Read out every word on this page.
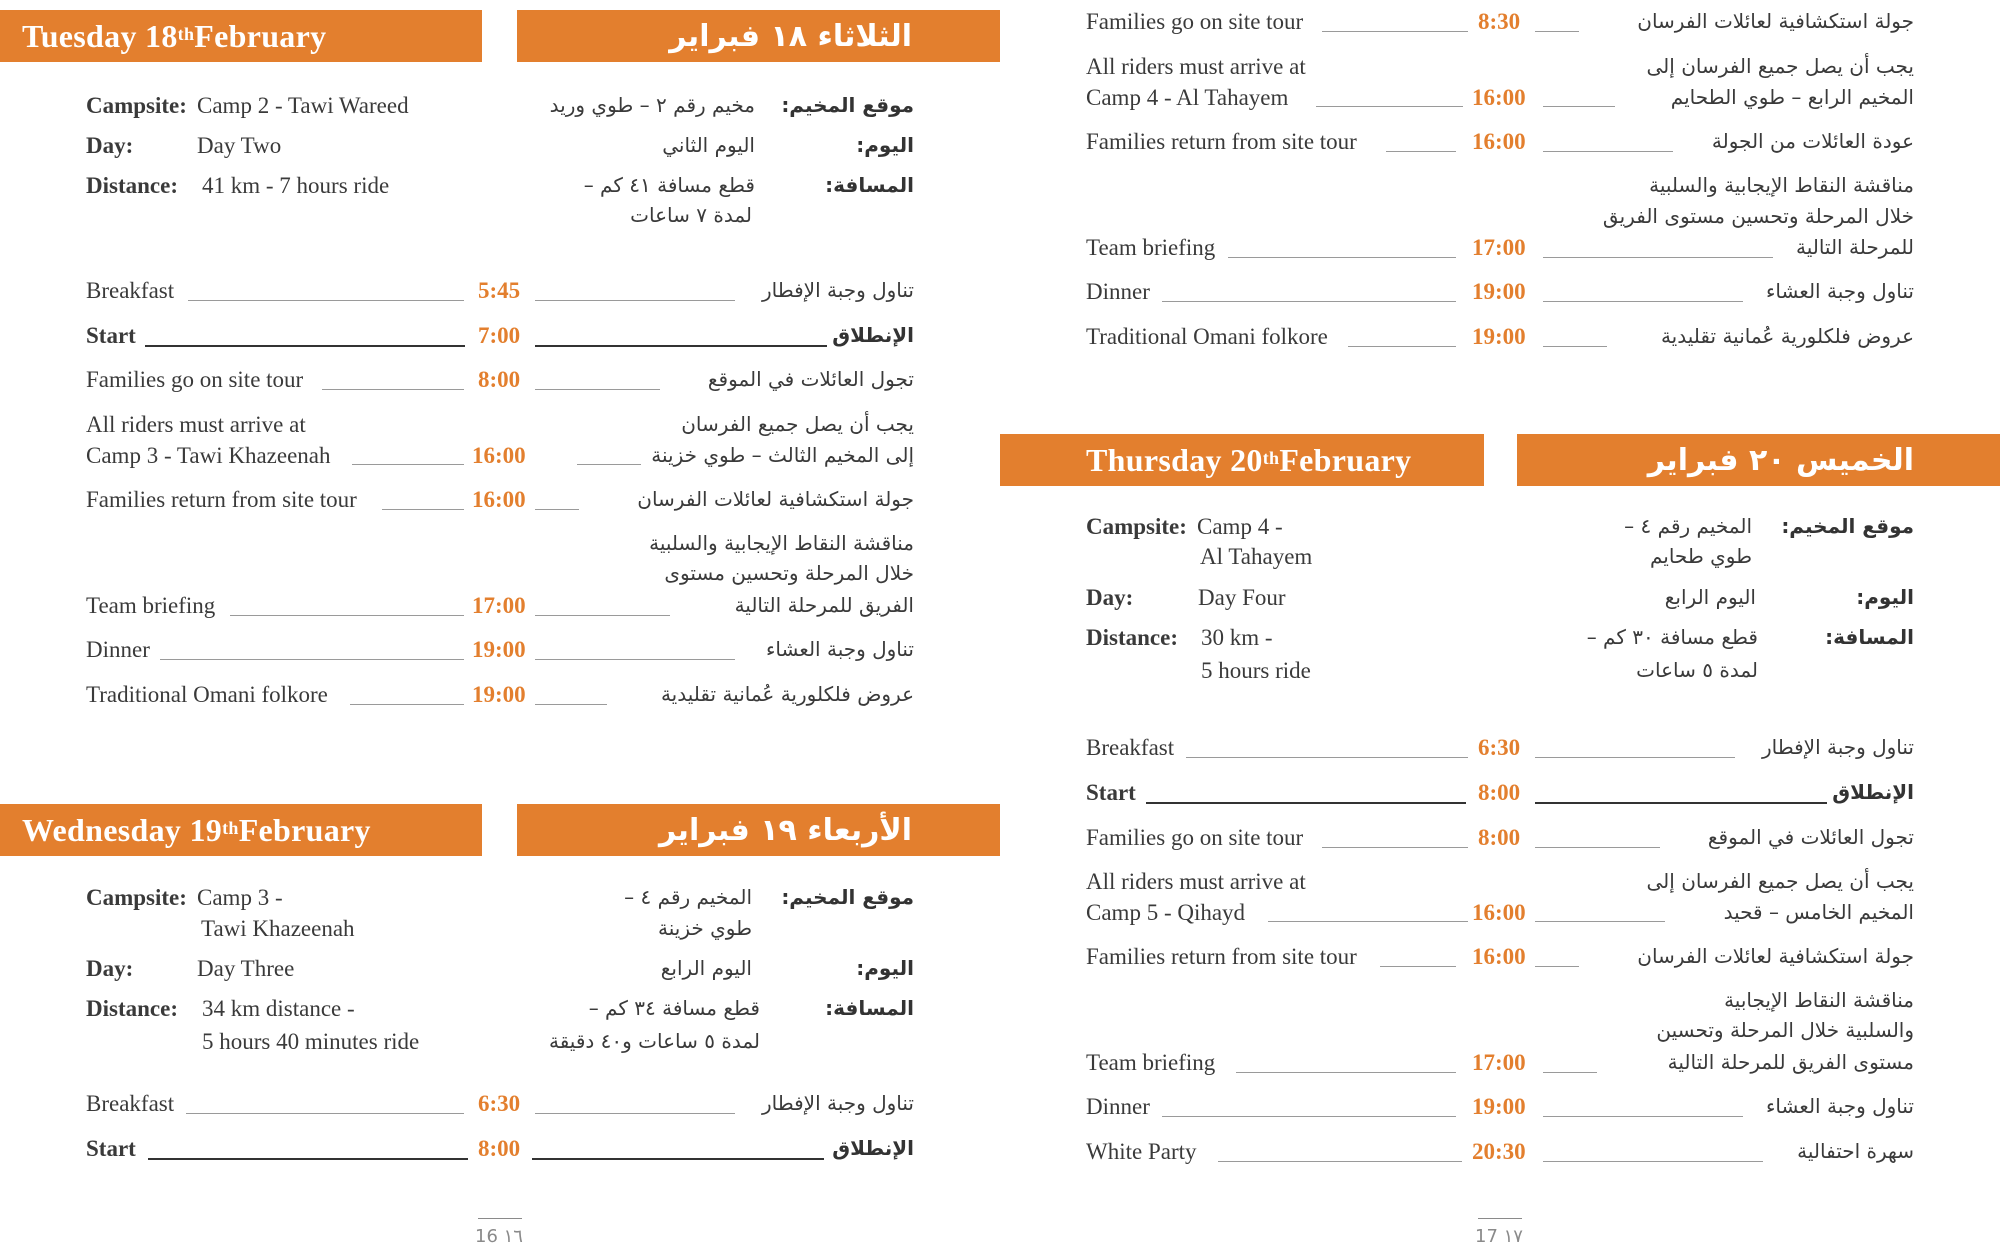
Tuesday 18th February	الثلاثاء ١٨ فبراير
Campsite: Camp 2 - Tawi Wareed	موقع المخيم:
مخيم رقم ٢ – طوي وريد
Day:	Day Two	اليوم:
اليوم الثاني
Distance: 41 km - 7 hours ride	المسافة:
قطع مسافة ٤١ كم –
لمدة ٧ ساعات
Breakfast	5:45	تناول وجبة الإفطار
Start	7:00	الإنطلاق
Families go on site tour	8:00	تجول العائلات في الموقع
All riders must arrive at	يجب أن يصل جميع الفرسان
Camp 3 - Tawi Khazeenah	16:00	إلى المخيم الثالث – طوي خزينة
Families return from site tour	16:00	جولة استكشافية لعائلات الفرسان
مناقشة النقاط الإيجابية والسلبية
خلال المرحلة وتحسين مستوى
Team briefing	17:00	الفريق للمرحلة التالية
Dinner	19:00	تناول وجبة العشاء
Traditional Omani folkore	19:00	عروض فلكلورية عُمانية تقليدية
Wednesday 19th February	الأربعاء ١٩ فبراير
Campsite: Camp 3 -
Tawi Khazeenah
موقع المخيم:
المخيم رقم ٤ –
طوي خزينة
Day:	Day Three	اليوم:
اليوم الرابع
Distance: 34 km distance -
5 hours 40 minutes ride
المسافة:
قطع مسافة ٣٤ كم –
لمدة ٥ ساعات و٤٠ دقيقة
Breakfast	6:30	تناول وجبة الإفطار
Start	8:00	الإنطلاق
16 ١٦
Families go on site tour	8:30	جولة استكشافية لعائلات الفرسان
All riders must arrive at	يجب أن يصل جميع الفرسان إلى
Camp 4 - Al Tahayem	16:00	المخيم الرابع – طوي الطحايم
Families return from site tour	16:00	عودة العائلات من الجولة
مناقشة النقاط الإيجابية والسلبية
خلال المرحلة وتحسين مستوى الفريق
Team briefing	17:00	للمرحلة التالية
Dinner	19:00	تناول وجبة العشاء
Traditional Omani folkore	19:00	عروض فلكلورية عُمانية تقليدية
Thursday 20th February	الخميس ٢٠ فبراير
Campsite: Camp 4 -
Al Tahayem
موقع المخيم:
المخيم رقم ٤ –
طوي طحايم
Day:	Day Four	اليوم:
اليوم الرابع
Distance: 30 km -
5 hours ride
المسافة:
قطع مسافة ٣٠ كم –
لمدة ٥ ساعات
Breakfast	6:30	تناول وجبة الإفطار
Start	8:00	الإنطلاق
Families go on site tour	8:00	تجول العائلات في الموقع
All riders must arrive at	يجب أن يصل جميع الفرسان إلى
Camp 5 - Qihayd	16:00	المخيم الخامس – قحيد
Families return from site tour	16:00	جولة استكشافية لعائلات الفرسان
مناقشة النقاط الإيجابية
والسلبية خلال المرحلة وتحسين
Team briefing	17:00	مستوى الفريق للمرحلة التالية
Dinner	19:00	تناول وجبة العشاء
White Party	20:30	سهرة احتفالية
17 ١٧
